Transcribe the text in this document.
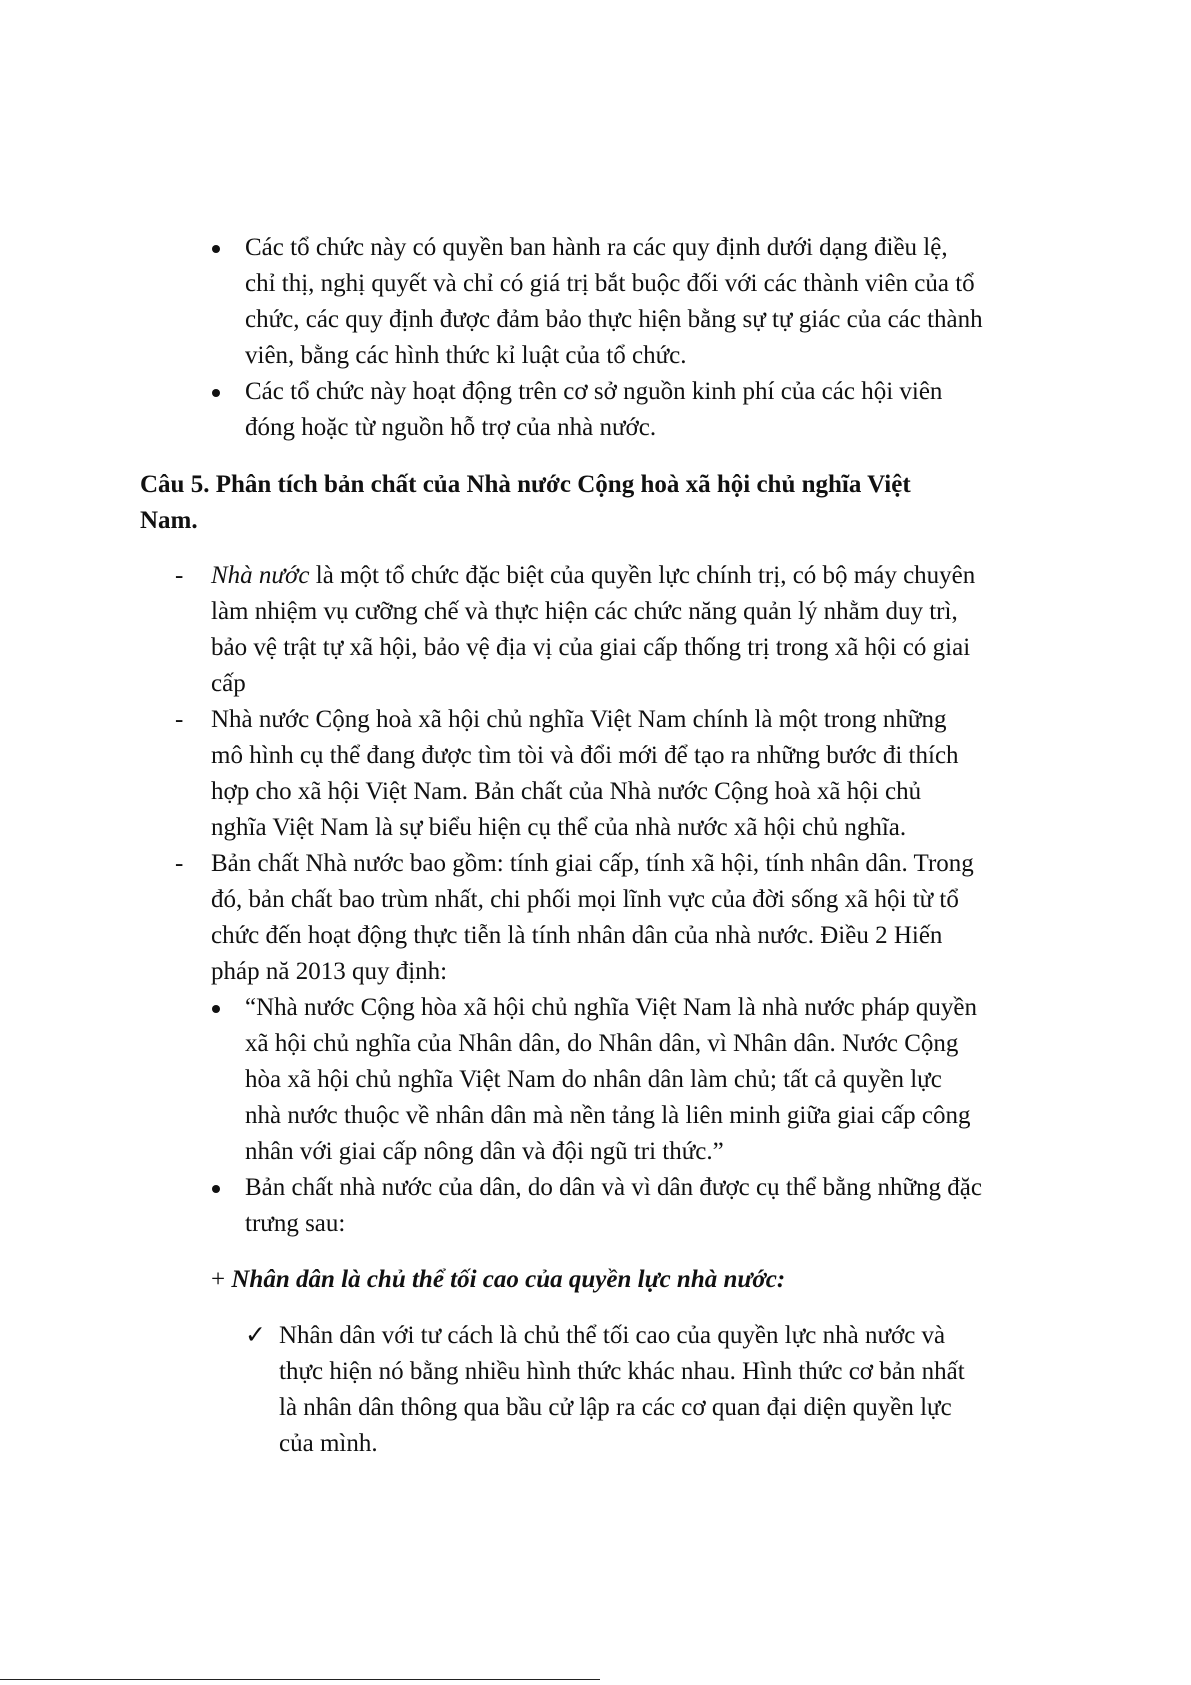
Các tổ chức này có quyền ban hành ra các quy định dưới dạng điều lệ,
chỉ thị, nghị quyết và chỉ có giá trị bắt buộc đối với các thành viên của tổ
chức, các quy định được đảm bảo thực hiện bằng sự tự giác của các thành
viên, bằng các hình thức kỉ luật của tổ chức.
Các tổ chức này hoạt động trên cơ sở nguồn kinh phí của các hội viên
đóng hoặc từ nguồn hỗ trợ của nhà nước.
Câu 5. Phân tích bản chất của Nhà nước Cộng hoà xã hội chủ nghĩa Việt
Nam.
- Nhà nước là một tổ chức đặc biệt của quyền lực chính trị, có bộ máy chuyên
làm nhiệm vụ cưỡng chế và thực hiện các chức năng quản lý nhằm duy trì,
bảo vệ trật tự xã hội, bảo vệ địa vị của giai cấp thống trị trong xã hội có giai
cấp
- Nhà nước Cộng hoà xã hội chủ nghĩa Việt Nam chính là một trong những
mô hình cụ thể đang được tìm tòi và đổi mới để tạo ra những bước đi thích
hợp cho xã hội Việt Nam. Bản chất của Nhà nước Cộng hoà xã hội chủ
nghĩa Việt Nam là sự biểu hiện cụ thể của nhà nước xã hội chủ nghĩa.
- Bản chất Nhà nước bao gồm: tính giai cấp, tính xã hội, tính nhân dân. Trong
đó, bản chất bao trùm nhất, chi phối mọi lĩnh vực của đời sống xã hội từ tổ
chức đến hoạt động thực tiễn là tính nhân dân của nhà nước. Điều 2 Hiến
pháp nă 2013 quy định:
“Nhà nước Cộng hòa xã hội chủ nghĩa Việt Nam là nhà nước pháp quyền
xã hội chủ nghĩa của Nhân dân, do Nhân dân, vì Nhân dân. Nước Cộng
hòa xã hội chủ nghĩa Việt Nam do nhân dân làm chủ; tất cả quyền lực
nhà nước thuộc về nhân dân mà nền tảng là liên minh giữa giai cấp công
nhân với giai cấp nông dân và đội ngũ tri thức.”
Bản chất nhà nước của dân, do dân và vì dân được cụ thể bằng những đặc
trưng sau:
+ Nhân dân là chủ thể tối cao của quyền lực nhà nước:
✓ Nhân dân với tư cách là chủ thể tối cao của quyền lực nhà nước và
thực hiện nó bằng nhiều hình thức khác nhau. Hình thức cơ bản nhất
là nhân dân thông qua bầu cử lập ra các cơ quan đại diện quyền lực
của mình.
